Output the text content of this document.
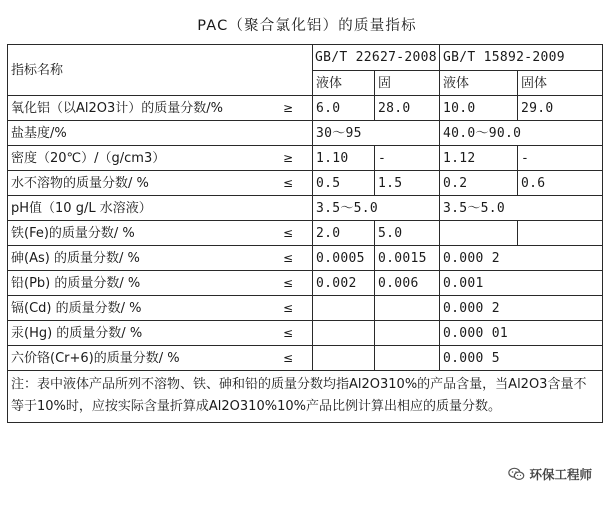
PAC（聚合氯化铝）的质量指标
指标名称	GB/T 22627-2008		GB/T 15892-2009	
	液体	固	液体	固体

氧化铝（以Al2O3计）的质量分数/% ≥	6.0	28.0	10.0	29.0

盐基度/%	30～95		40.0～90.0	

密度（20℃）/（g/cm3） ≥	1.10	-	1.12	-

水不溶物的质量分数/ % ≤	0.5	1.5	0.2	0.6

pH值（10 g/L 水溶液）	3.5～5.0		3.5～5.0	

铁(Fe)的质量分数/ % ≤	2.0	5.0		

砷(As) 的质量分数/ % ≤	0.0005	0.0015	0.000 2	

铅(Pb) 的质量分数/ % ≤	0.002	0.006	0.001	

镉(Cd) 的质量分数/ % ≤			0.000 2	

汞(Hg) 的质量分数/ % ≤			0.000 01	

六价铬(Cr+6)的质量分数/ % ≤			0.000 5	
注：表中液体产品所列不溶物、铁、砷和铅的质量分数均指Al2O310%的产品含量，当Al2O3含量不等于10%时，应按实际含量折算成Al2O310%10%产品比例计算出相应的质量分数。				
环保工程师
